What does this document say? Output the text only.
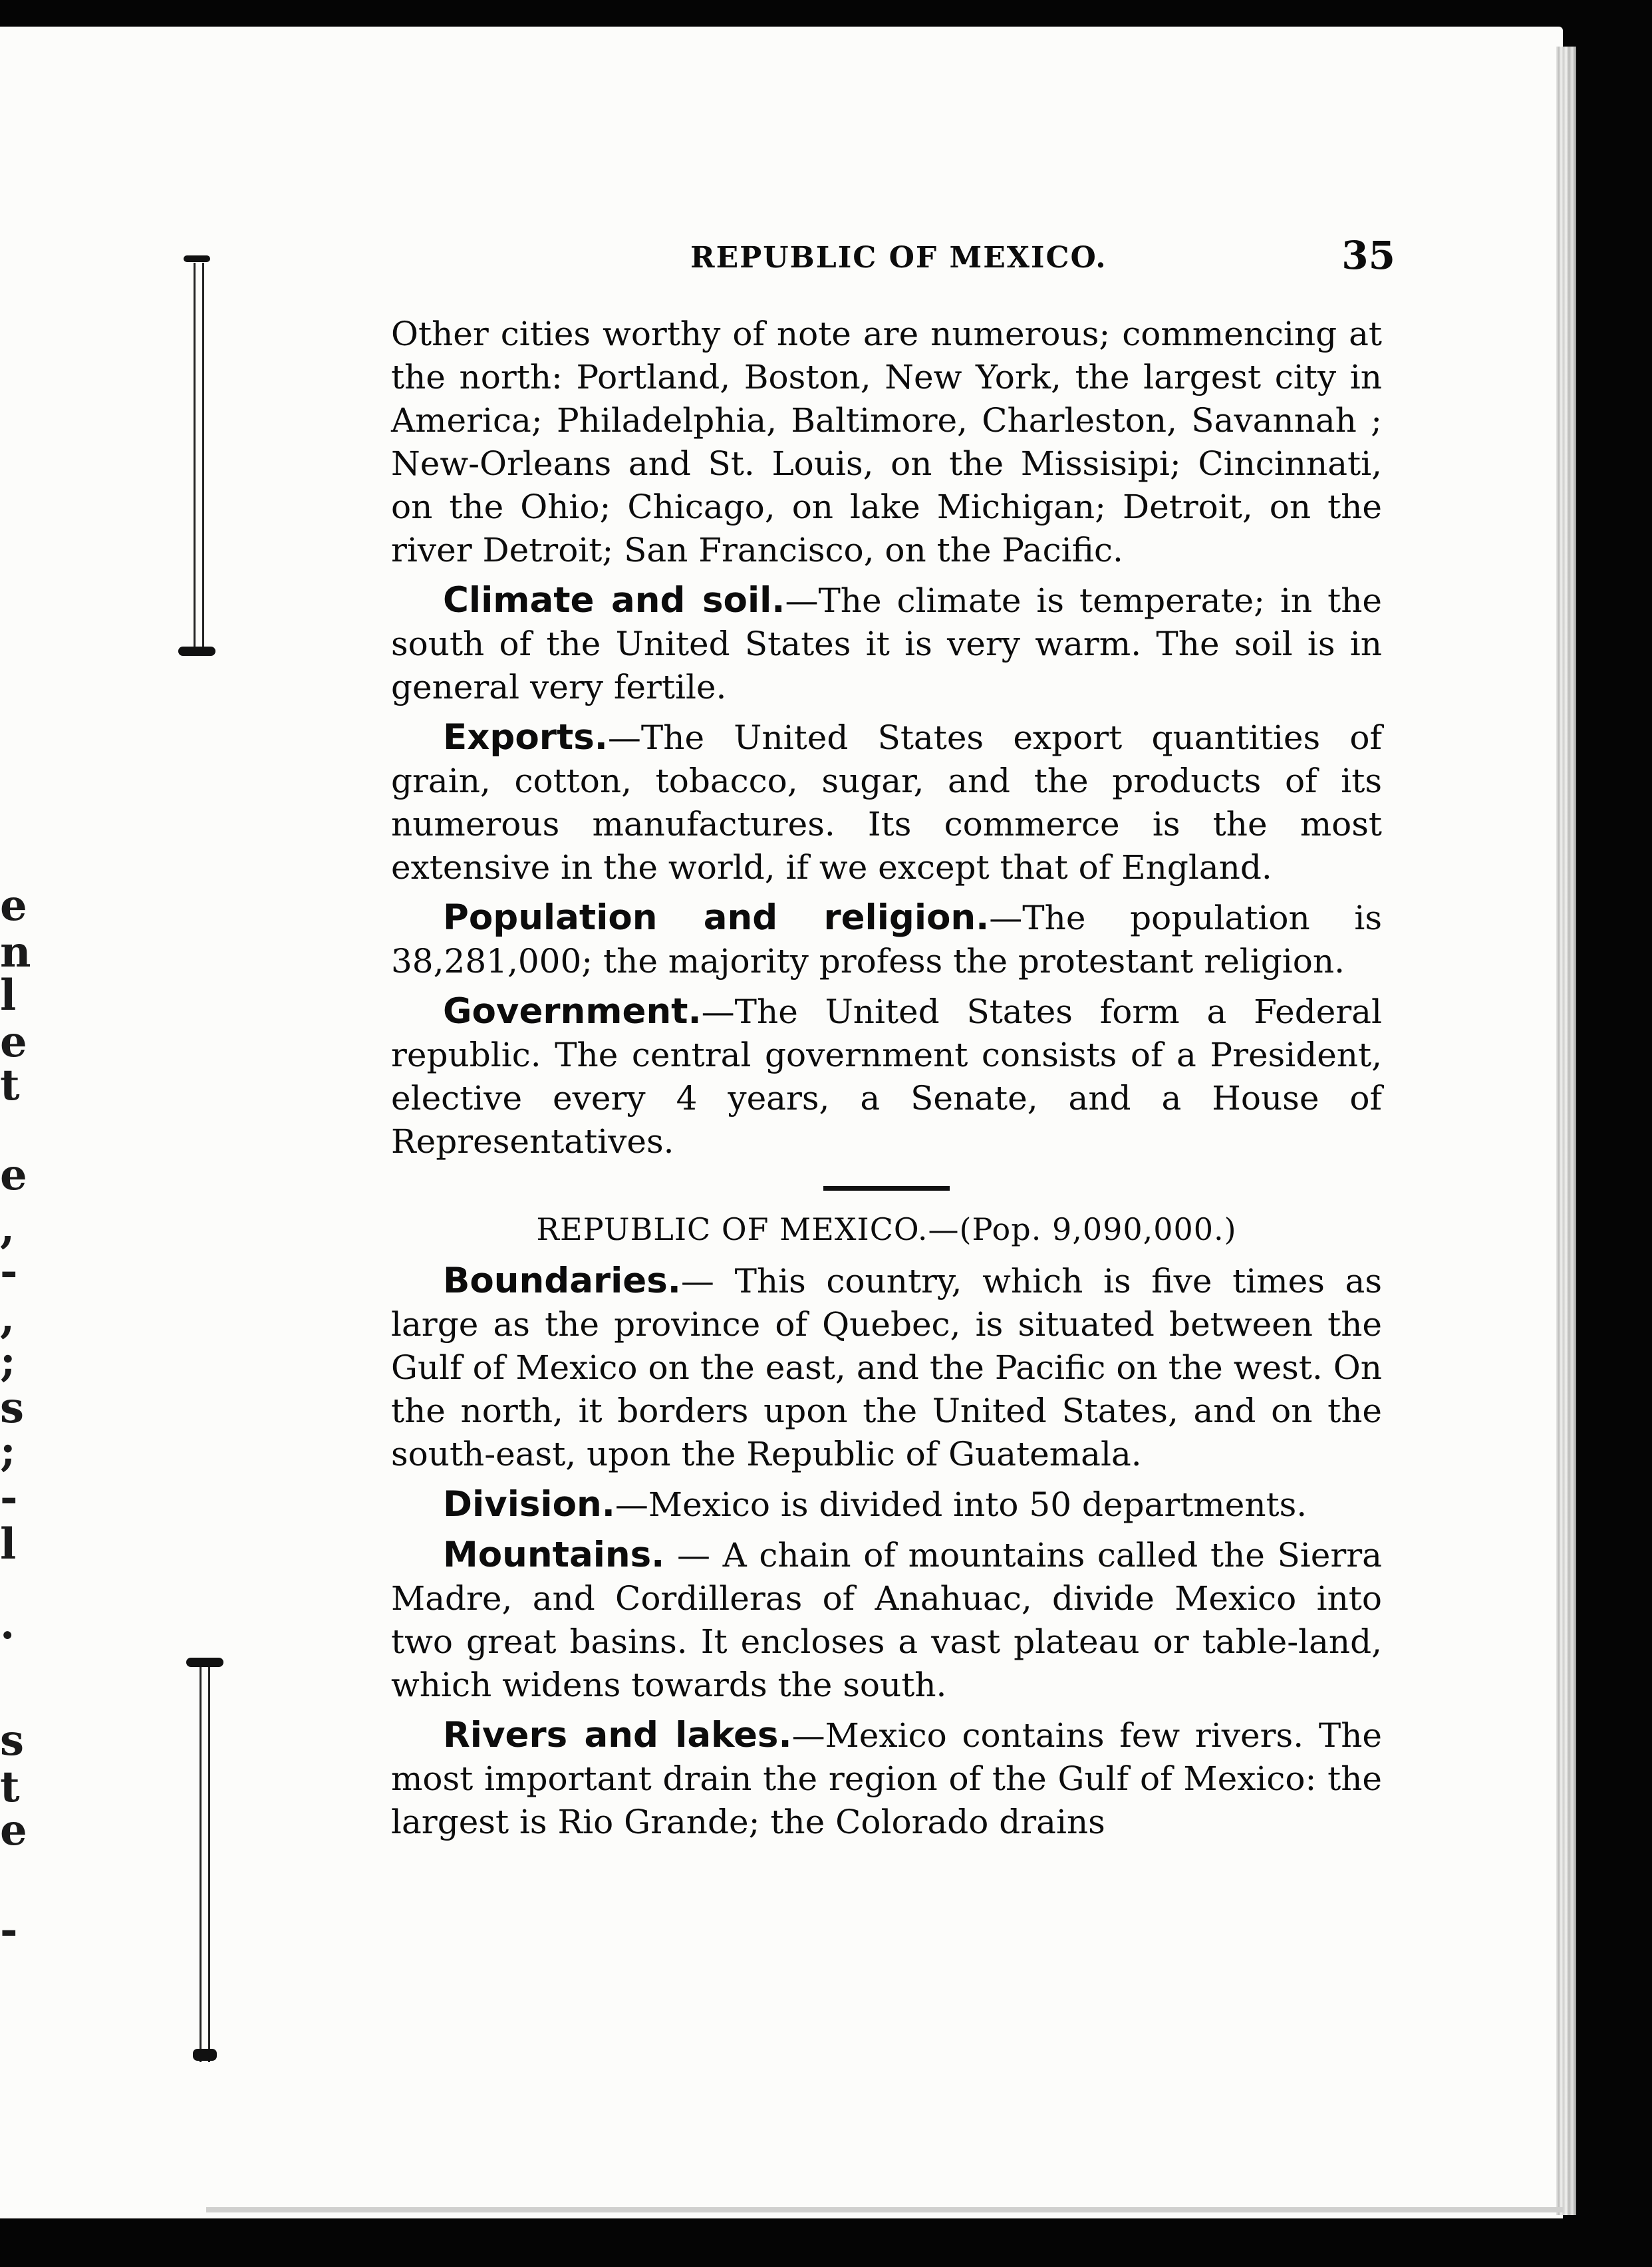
e
n
l
e
t
e
,
-
,
;
s
;
-
l
.
s
t
e
-
REPUBLIC OF MEXICO.	35

Other cities worthy of note are numerous; commencing at the north: Portland, Boston, New York, the largest city in America; Philadelphia, Baltimore, Charleston, Savannah ; New-Orleans and St. Louis, on the Missisipi; Cincinnati, on the Ohio; Chicago, on lake Michigan; Detroit, on the river Detroit; San Francisco, on the Pacific.

Climate and soil.—The climate is temperate; in the south of the United States it is very warm. The soil is in general very fertile.

Exports.—The United States export quantities of grain, cotton, tobacco, sugar, and the products of its numerous manufactures. Its commerce is the most extensive in the world, if we except that of England.

Population and religion.—The population is 38,281,000; the majority profess the protestant religion.

Government.—The United States form a Federal republic. The central government consists of a President, elective every 4 years, a Senate, and a House of Representatives.

REPUBLIC OF MEXICO.—(Pop. 9,090,000.)

Boundaries.— This country, which is five times as large as the province of Quebec, is situated between the Gulf of Mexico on the east, and the Pacific on the west. On the north, it borders upon the United States, and on the south-east, upon the Republic of Guatemala.

Division.—Mexico is divided into 50 departments.

Mountains. — A chain of mountains called the Sierra Madre, and Cordilleras of Anahuac, divide Mexico into two great basins. It encloses a vast plateau or table-land, which widens towards the south.

Rivers and lakes.—Mexico contains few rivers. The most important drain the region of the Gulf of Mexico: the largest is Rio Grande; the Colorado drains
